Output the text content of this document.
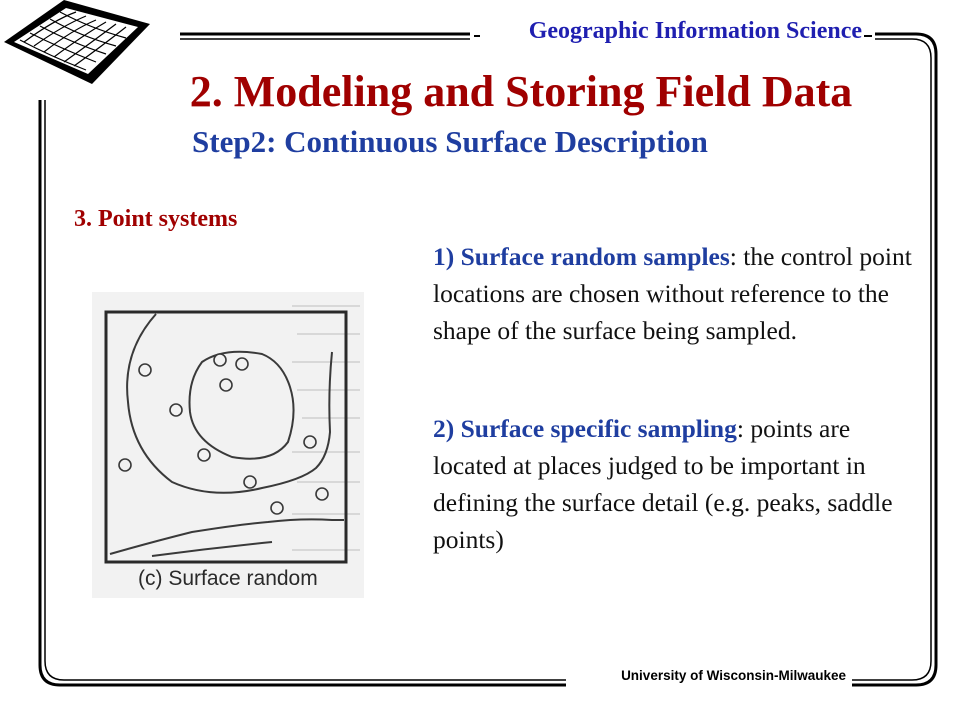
Geographic Information Science
2. Modeling and Storing Field Data
Step2: Continuous Surface Description
3. Point systems
1) Surface random samples: the control point locations are chosen without reference to the shape of the surface being sampled.
2) Surface specific sampling: points are located at places judged to be important in defining the surface detail (e.g. peaks, saddle points)
(c) Surface random
University of Wisconsin-Milwaukee
